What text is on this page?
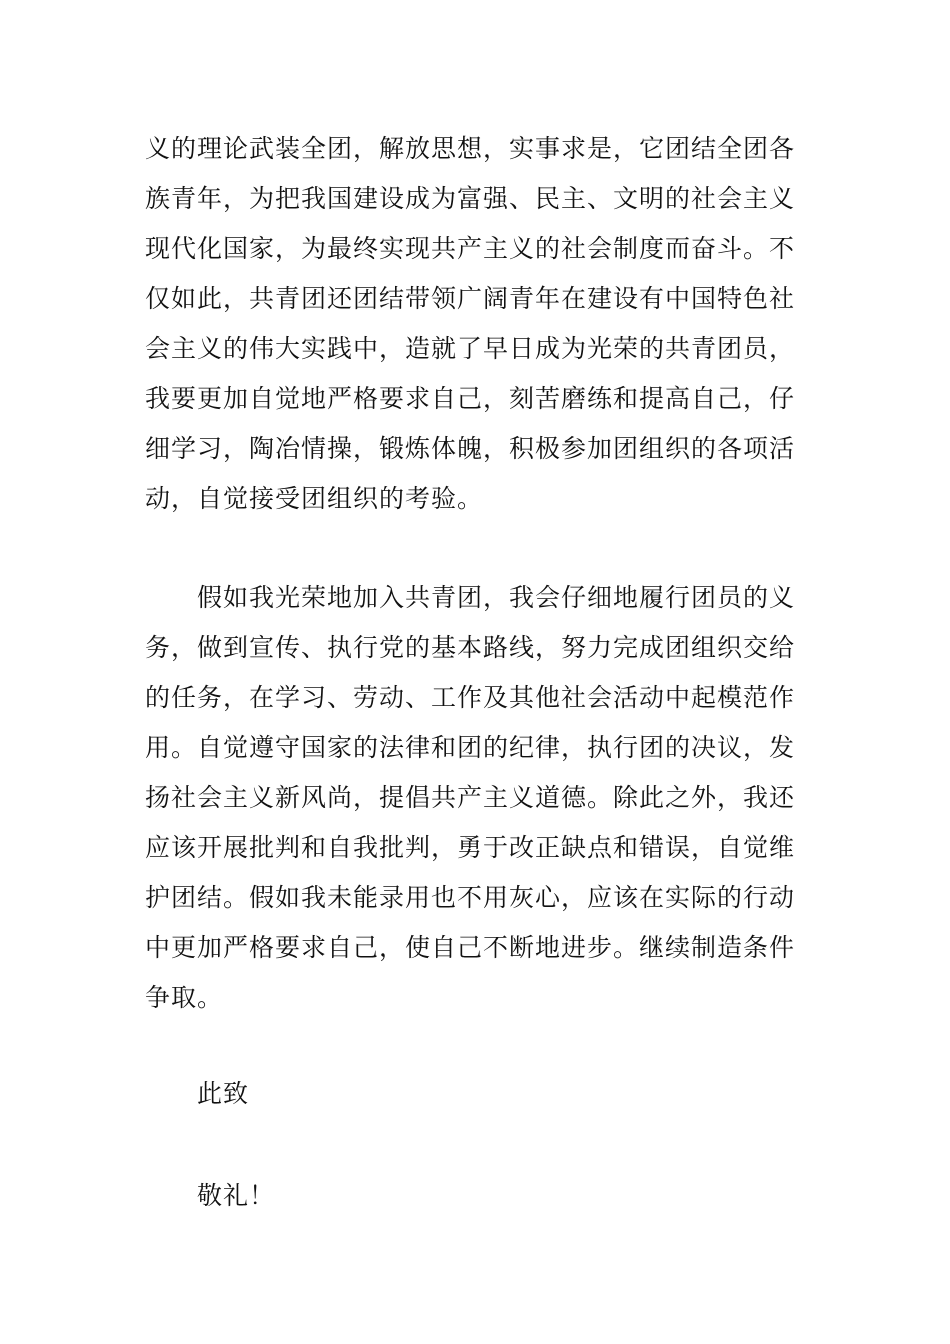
义的理论武装全团，解放思想，实事求是，它团结全团各

族青年，为把我国建设成为富强、民主、文明的社会主义

现代化国家，为最终实现共产主义的社会制度而奋斗。不

仅如此，共青团还团结带领广阔青年在建设有中国特色社

会主义的伟大实践中，造就了早日成为光荣的共青团员，

我要更加自觉地严格要求自己，刻苦磨练和提高自己，仔

细学习，陶冶情操，锻炼体魄，积极参加团组织的各项活

动，自觉接受团组织的考验。

假如我光荣地加入共青团，我会仔细地履行团员的义

务，做到宣传、执行党的基本路线，努力完成团组织交给

的任务，在学习、劳动、工作及其他社会活动中起模范作

用。自觉遵守国家的法律和团的纪律，执行团的决议，发

扬社会主义新风尚，提倡共产主义道德。除此之外，我还

应该开展批判和自我批判，勇于改正缺点和错误，自觉维

护团结。假如我未能录用也不用灰心，应该在实际的行动

中更加严格要求自己，使自己不断地进步。继续制造条件

争取。

此致

敬礼！
